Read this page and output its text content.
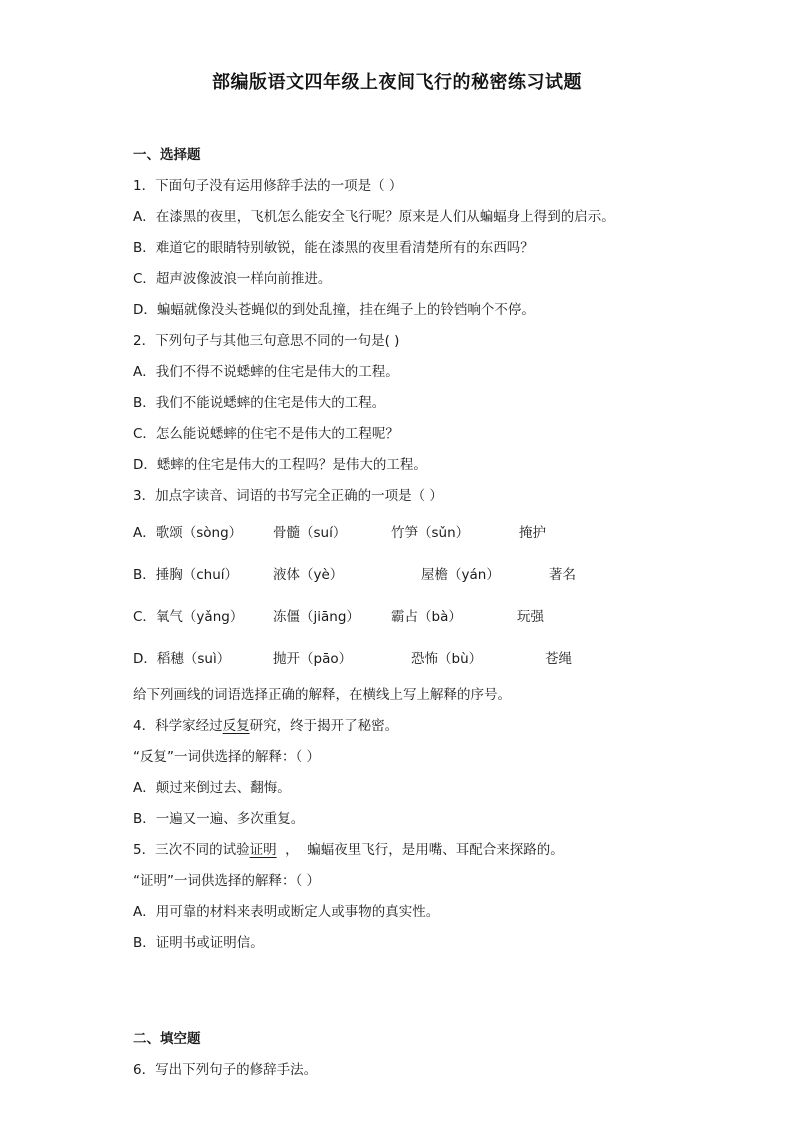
部编版语文四年级上夜间飞行的秘密练习试题
一、选择题
1．下面句子没有运用修辞手法的一项是（ ）
A．在漆黑的夜里，飞机怎么能安全飞行呢？原来是人们从蝙蝠身上得到的启示。
B．难道它的眼睛特别敏锐，能在漆黑的夜里看清楚所有的东西吗？
C．超声波像波浪一样向前推进。
D．蝙蝠就像没头苍蝇似的到处乱撞，挂在绳子上的铃铛响个不停。
2．下列句子与其他三句意思不同的一句是( )
A．我们不得不说蟋蟀的住宅是伟大的工程。
B．我们不能说蟋蟀的住宅是伟大的工程。
C．怎么能说蟋蟀的住宅不是伟大的工程呢？
D．蟋蟀的住宅是伟大的工程吗？是伟大的工程。
3．加点字读音、词语的书写完全正确的一项是（ ）
A．歌颂（sòng）	骨髓（suí）	竹笋（sǔn）	掩护
B．捶胸（chuí）	液体（yè）	屋檐（yán）	著名
C．氧气（yǎng）	冻僵（jiāng）	霸占（bà）	玩强
D．稻穗（suì）	抛开（pāo）	恐怖（bù）	苍绳
给下列画线的词语选择正确的解释，在横线上写上解释的序号。
4．科学家经过反复研究，终于揭开了秘密。
“反复”一词供选择的解释：（ ）
A．颠过来倒过去、翻悔。
B．一遍又一遍、多次重复。
5．三次不同的试验证明  ，  蝙蝠夜里飞行，是用嘴、耳配合来探路的。
“证明”一词供选择的解释：（ ）
A．用可靠的材料来表明或断定人或事物的真实性。
B．证明书或证明信。
二、填空题
6．写出下列句子的修辞手法。
